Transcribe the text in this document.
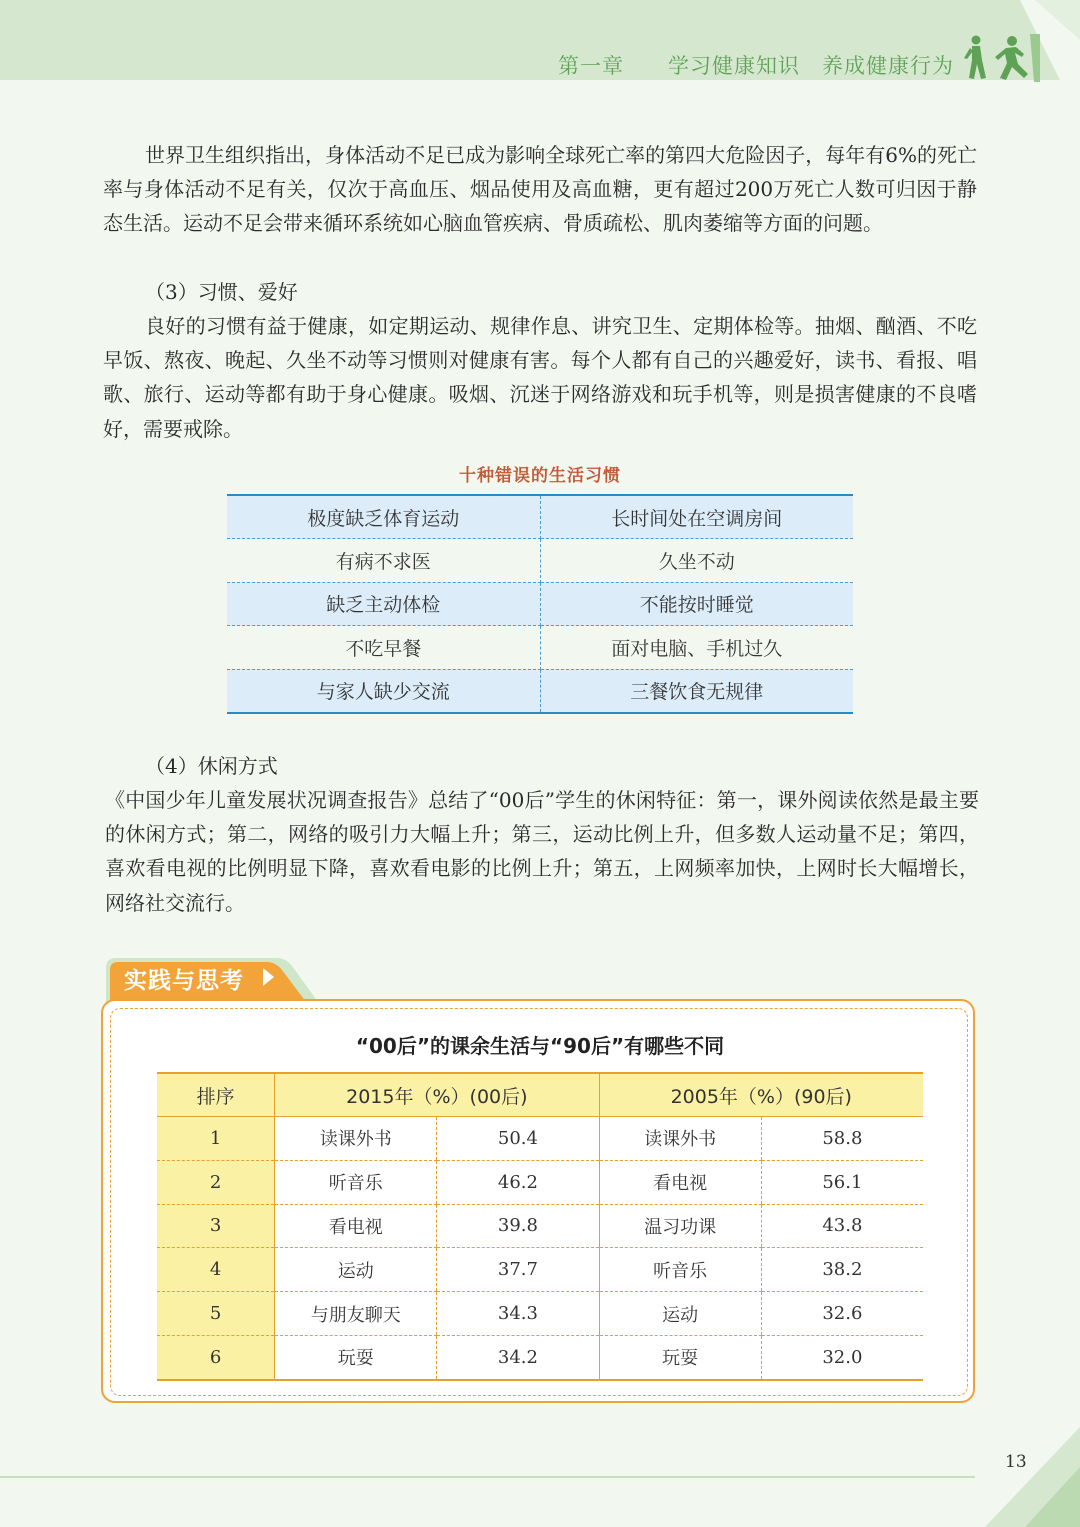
第一章 学习健康知识　养成健康行为

世界卫生组织指出，身体活动不足已成为影响全球死亡率的第四大危险因子，每年有6%的死亡率与身体活动不足有关，仅次于高血压、烟品使用及高血糖，更有超过200万死亡人数可归因于静态生活。运动不足会带来循环系统如心脑血管疾病、骨质疏松、肌肉萎缩等方面的问题。

（3）习惯、爱好

良好的习惯有益于健康，如定期运动、规律作息、讲究卫生、定期体检等。抽烟、酗酒、不吃早饭、熬夜、晚起、久坐不动等习惯则对健康有害。每个人都有自己的兴趣爱好，读书、看报、唱歌、旅行、运动等都有助于身心健康。吸烟、沉迷于网络游戏和玩手机等，则是损害健康的不良嗜好，需要戒除。

十种错误的生活习惯
极度缺乏体育运动	长时间处在空调房间
有病不求医	久坐不动
缺乏主动体检	不能按时睡觉
不吃早餐	面对电脑、手机过久
与家人缺少交流	三餐饮食无规律

（4）休闲方式

《中国少年儿童发展状况调查报告》总结了“00后”学生的休闲特征：第一，课外阅读依然是最主要的休闲方式；第二，网络的吸引力大幅上升；第三，运动比例上升，但多数人运动量不足；第四，喜欢看电视的比例明显下降，喜欢看电影的比例上升；第五，上网频率加快，上网时长大幅增长，网络社交流行。

实践与思考
“00后”的课余生活与“90后”有哪些不同
排序	2015年（%）(00后)		2005年（%）(90后)	
1	读课外书	50.4	读课外书	58.8
2	听音乐	46.2	看电视	56.1
3	看电视	39.8	温习功课	43.8
4	运动	37.7	听音乐	38.2
5	与朋友聊天	34.3	运动	32.6
6	玩耍	34.2	玩耍	32.0
13
